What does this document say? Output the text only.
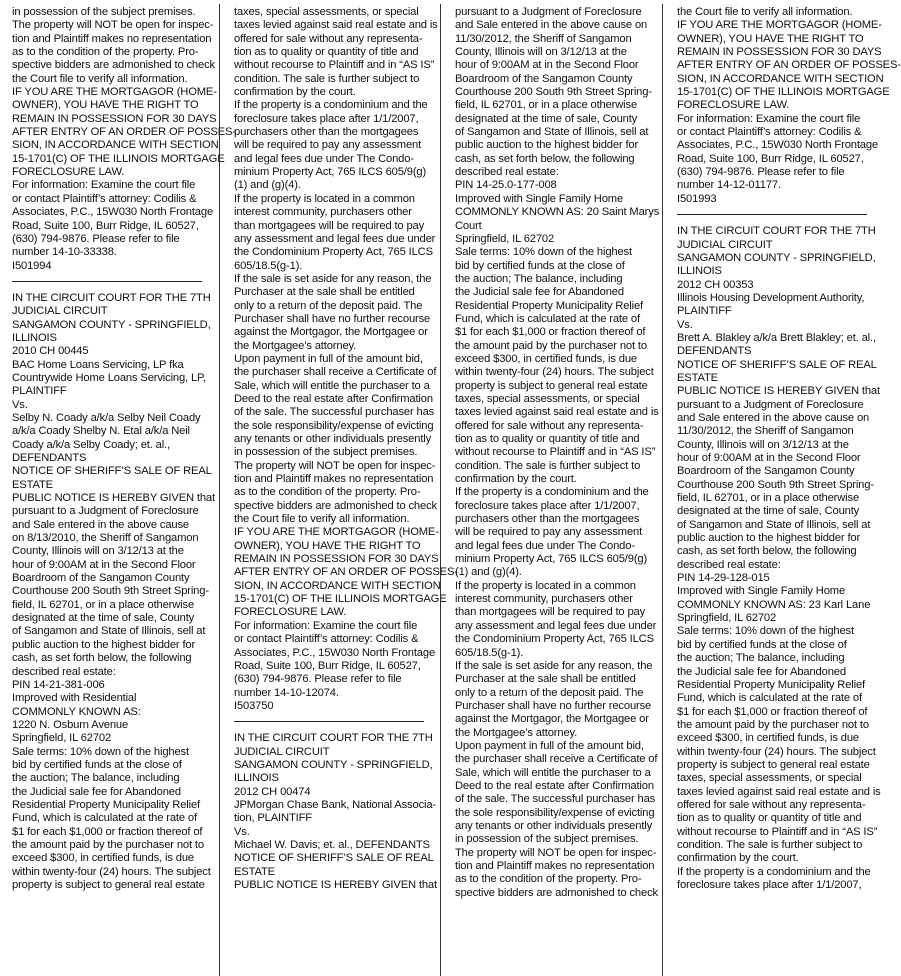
in possession of the subject premises.
The property will NOT be open for inspec-
tion and Plaintiff makes no representation
as to the condition of the property. Pro-
spective bidders are admonished to check
the Court file to verify all information.
IF YOU ARE THE MORTGAGOR (HOME-
OWNER), YOU HAVE THE RIGHT TO
REMAIN IN POSSESSION FOR 30 DAYS
AFTER ENTRY OF AN ORDER OF POSSES-
SION, IN ACCORDANCE WITH SECTION
15-1701(C) OF THE ILLINOIS MORTGAGE
FORECLOSURE LAW.
For information: Examine the court file
or contact Plaintiff’s attorney: Codilis &
Associates, P.C., 15W030 North Frontage
Road, Suite 100, Burr Ridge, IL 60527,
(630) 794-9876. Please refer to file
number 14-10-33338.
I501994
IN THE CIRCUIT COURT FOR THE 7TH
JUDICIAL CIRCUIT
SANGAMON COUNTY - SPRINGFIELD,
ILLINOIS
2010 CH 00445
BAC Home Loans Servicing, LP fka
Countrywide Home Loans Servicing, LP,
PLAINTIFF
Vs.
Selby N. Coady a/k/a Selby Neil Coady
a/k/a Coady Shelby N. Etal a/k/a Neil
Coady a/k/a Selby Coady; et. al.,
DEFENDANTS
NOTICE OF SHERIFF’S SALE OF REAL
ESTATE
PUBLIC NOTICE IS HEREBY GIVEN that
pursuant to a Judgment of Foreclosure
and Sale entered in the above cause
on 8/13/2010, the Sheriff of Sangamon
County, Illinois will on 3/12/13 at the
hour of 9:00AM at in the Second Floor
Boardroom of the Sangamon County
Courthouse 200 South 9th Street Spring-
field, IL 62701, or in a place otherwise
designated at the time of sale, County
of Sangamon and State of Illinois, sell at
public auction to the highest bidder for
cash, as set forth below, the following
described real estate:
PIN 14-21-381-006
Improved with Residential
COMMONLY KNOWN AS:
1220 N. Osburn Avenue
Springfield, IL 62702
Sale terms: 10% down of the highest
bid by certified funds at the close of
the auction; The balance, including
the Judicial sale fee for Abandoned
Residential Property Municipality Relief
Fund, which is calculated at the rate of
$1 for each $1,000 or fraction thereof of
the amount paid by the purchaser not to
exceed $300, in certified funds, is due
within twenty-four (24) hours. The subject
property is subject to general real estate
taxes, special assessments, or special
taxes levied against said real estate and is
offered for sale without any representa-
tion as to quality or quantity of title and
without recourse to Plaintiff and in “AS IS”
condition. The sale is further subject to
confirmation by the court.
If the property is a condominium and the
foreclosure takes place after 1/1/2007,
purchasers other than the mortgagees
will be required to pay any assessment
and legal fees due under The Condo-
minium Property Act, 765 ILCS 605/9(g)
(1) and (g)(4).
If the property is located in a common
interest community, purchasers other
than mortgagees will be required to pay
any assessment and legal fees due under
the Condominium Property Act, 765 ILCS
605/18.5(g-1).
If the sale is set aside for any reason, the
Purchaser at the sale shall be entitled
only to a return of the deposit paid. The
Purchaser shall have no further recourse
against the Mortgagor, the Mortgagee or
the Mortgagee’s attorney.
Upon payment in full of the amount bid,
the purchaser shall receive a Certificate of
Sale, which will entitle the purchaser to a
Deed to the real estate after Confirmation
of the sale. The successful purchaser has
the sole responsibility/expense of evicting
any tenants or other individuals presently
in possession of the subject premises.
The property will NOT be open for inspec-
tion and Plaintiff makes no representation
as to the condition of the property. Pro-
spective bidders are admonished to check
the Court file to verify all information.
IF YOU ARE THE MORTGAGOR (HOME-
OWNER), YOU HAVE THE RIGHT TO
REMAIN IN POSSESSION FOR 30 DAYS
AFTER ENTRY OF AN ORDER OF POSSES-
SION, IN ACCORDANCE WITH SECTION
15-1701(C) OF THE ILLINOIS MORTGAGE
FORECLOSURE LAW.
For information: Examine the court file
or contact Plaintiff’s attorney: Codilis &
Associates, P.C., 15W030 North Frontage
Road, Suite 100, Burr Ridge, IL 60527,
(630) 794-9876. Please refer to file
number 14-10-12074.
I503750
IN THE CIRCUIT COURT FOR THE 7TH
JUDICIAL CIRCUIT
SANGAMON COUNTY - SPRINGFIELD,
ILLINOIS
2012 CH 00474
JPMorgan Chase Bank, National Associa-
tion, PLAINTIFF
Vs.
Michael W. Davis; et. al., DEFENDANTS
NOTICE OF SHERIFF’S SALE OF REAL
ESTATE
PUBLIC NOTICE IS HEREBY GIVEN that
pursuant to a Judgment of Foreclosure
and Sale entered in the above cause on
11/30/2012, the Sheriff of Sangamon
County, Illinois will on 3/12/13 at the
hour of 9:00AM at in the Second Floor
Boardroom of the Sangamon County
Courthouse 200 South 9th Street Spring-
field, IL 62701, or in a place otherwise
designated at the time of sale, County
of Sangamon and State of Illinois, sell at
public auction to the highest bidder for
cash, as set forth below, the following
described real estate:
PIN 14-25.0-177-008
Improved with Single Family Home
COMMONLY KNOWN AS: 20 Saint Marys
Court
Springfield, IL 62702
Sale terms: 10% down of the highest
bid by certified funds at the close of
the auction; The balance, including
the Judicial sale fee for Abandoned
Residential Property Municipality Relief
Fund, which is calculated at the rate of
$1 for each $1,000 or fraction thereof of
the amount paid by the purchaser not to
exceed $300, in certified funds, is due
within twenty-four (24) hours. The subject
property is subject to general real estate
taxes, special assessments, or special
taxes levied against said real estate and is
offered for sale without any representa-
tion as to quality or quantity of title and
without recourse to Plaintiff and in “AS IS”
condition. The sale is further subject to
confirmation by the court.
If the property is a condominium and the
foreclosure takes place after 1/1/2007,
purchasers other than the mortgagees
will be required to pay any assessment
and legal fees due under The Condo-
minium Property Act, 765 ILCS 605/9(g)
(1) and (g)(4).
If the property is located in a common
interest community, purchasers other
than mortgagees will be required to pay
any assessment and legal fees due under
the Condominium Property Act, 765 ILCS
605/18.5(g-1).
If the sale is set aside for any reason, the
Purchaser at the sale shall be entitled
only to a return of the deposit paid. The
Purchaser shall have no further recourse
against the Mortgagor, the Mortgagee or
the Mortgagee’s attorney.
Upon payment in full of the amount bid,
the purchaser shall receive a Certificate of
Sale, which will entitle the purchaser to a
Deed to the real estate after Confirmation
of the sale. The successful purchaser has
the sole responsibility/expense of evicting
any tenants or other individuals presently
in possession of the subject premises.
The property will NOT be open for inspec-
tion and Plaintiff makes no representation
as to the condition of the property. Pro-
spective bidders are admonished to check
the Court file to verify all information.
IF YOU ARE THE MORTGAGOR (HOME-
OWNER), YOU HAVE THE RIGHT TO
REMAIN IN POSSESSION FOR 30 DAYS
AFTER ENTRY OF AN ORDER OF POSSES-
SION, IN ACCORDANCE WITH SECTION
15-1701(C) OF THE ILLINOIS MORTGAGE
FORECLOSURE LAW.
For information: Examine the court file
or contact Plaintiff’s attorney: Codilis &
Associates, P.C., 15W030 North Frontage
Road, Suite 100, Burr Ridge, IL 60527,
(630) 794-9876. Please refer to file
number 14-12-01177.
I501993
IN THE CIRCUIT COURT FOR THE 7TH
JUDICIAL CIRCUIT
SANGAMON COUNTY - SPRINGFIELD,
ILLINOIS
2012 CH 00353
Illinois Housing Development Authority,
PLAINTIFF
Vs.
Brett A. Blakley a/k/a Brett Blakley; et. al.,
DEFENDANTS
NOTICE OF SHERIFF’S SALE OF REAL
ESTATE
PUBLIC NOTICE IS HEREBY GIVEN that
pursuant to a Judgment of Foreclosure
and Sale entered in the above cause on
11/30/2012, the Sheriff of Sangamon
County, Illinois will on 3/12/13 at the
hour of 9:00AM at in the Second Floor
Boardroom of the Sangamon County
Courthouse 200 South 9th Street Spring-
field, IL 62701, or in a place otherwise
designated at the time of sale, County
of Sangamon and State of Illinois, sell at
public auction to the highest bidder for
cash, as set forth below, the following
described real estate:
PIN 14-29-128-015
Improved with Single Family Home
COMMONLY KNOWN AS: 23 Karl Lane
Springfield, IL 62702
Sale terms: 10% down of the highest
bid by certified funds at the close of
the auction; The balance, including
the Judicial sale fee for Abandoned
Residential Property Municipality Relief
Fund, which is calculated at the rate of
$1 for each $1,000 or fraction thereof of
the amount paid by the purchaser not to
exceed $300, in certified funds, is due
within twenty-four (24) hours. The subject
property is subject to general real estate
taxes, special assessments, or special
taxes levied against said real estate and is
offered for sale without any representa-
tion as to quality or quantity of title and
without recourse to Plaintiff and in “AS IS”
condition. The sale is further subject to
confirmation by the court.
If the property is a condominium and the
foreclosure takes place after 1/1/2007,
